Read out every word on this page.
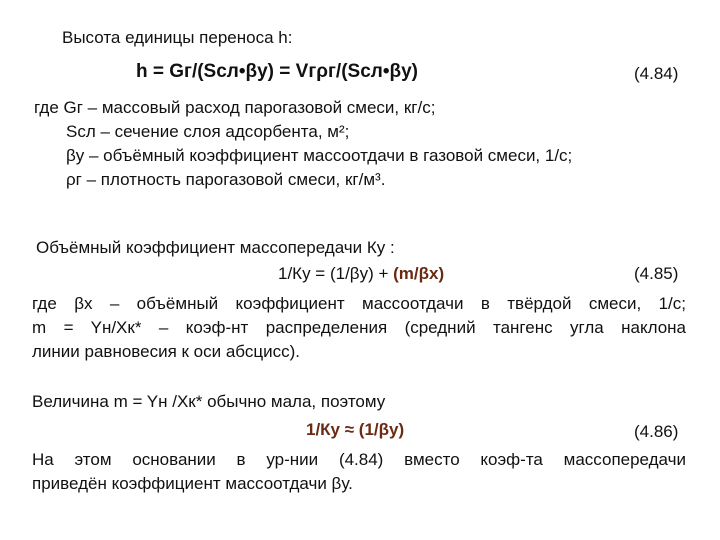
Высота единицы переноса h:
h = Gг/(Sсл•βу) = Vгρг/(Sсл•βу)	(4.84)
где Gг – массовый расход парогазовой смеси, кг/с;
Sсл – сечение слоя адсорбента, м²;
βу – объёмный коэффициент массоотдачи в газовой смеси, 1/с;
ρг – плотность парогазовой смеси, кг/м³.
Объёмный коэффициент массопередачи Ку :
1/Ку = (1/βу) + (m/βх)	(4.85)
где βх – объёмный коэффициент массоотдачи в твёрдой смеси, 1/с;
m = Yн/Хк* – коэф-нт распределения (средний тангенс угла наклона
линии равновесия к оси абсцисс).
Величина m = Yн /Хк* обычно мала, поэтому
1/Ку ≈ (1/βу)	(4.86)
На этом основании в ур-нии (4.84) вместо коэф-та массопередачи
приведён коэффициент массоотдачи βу.
